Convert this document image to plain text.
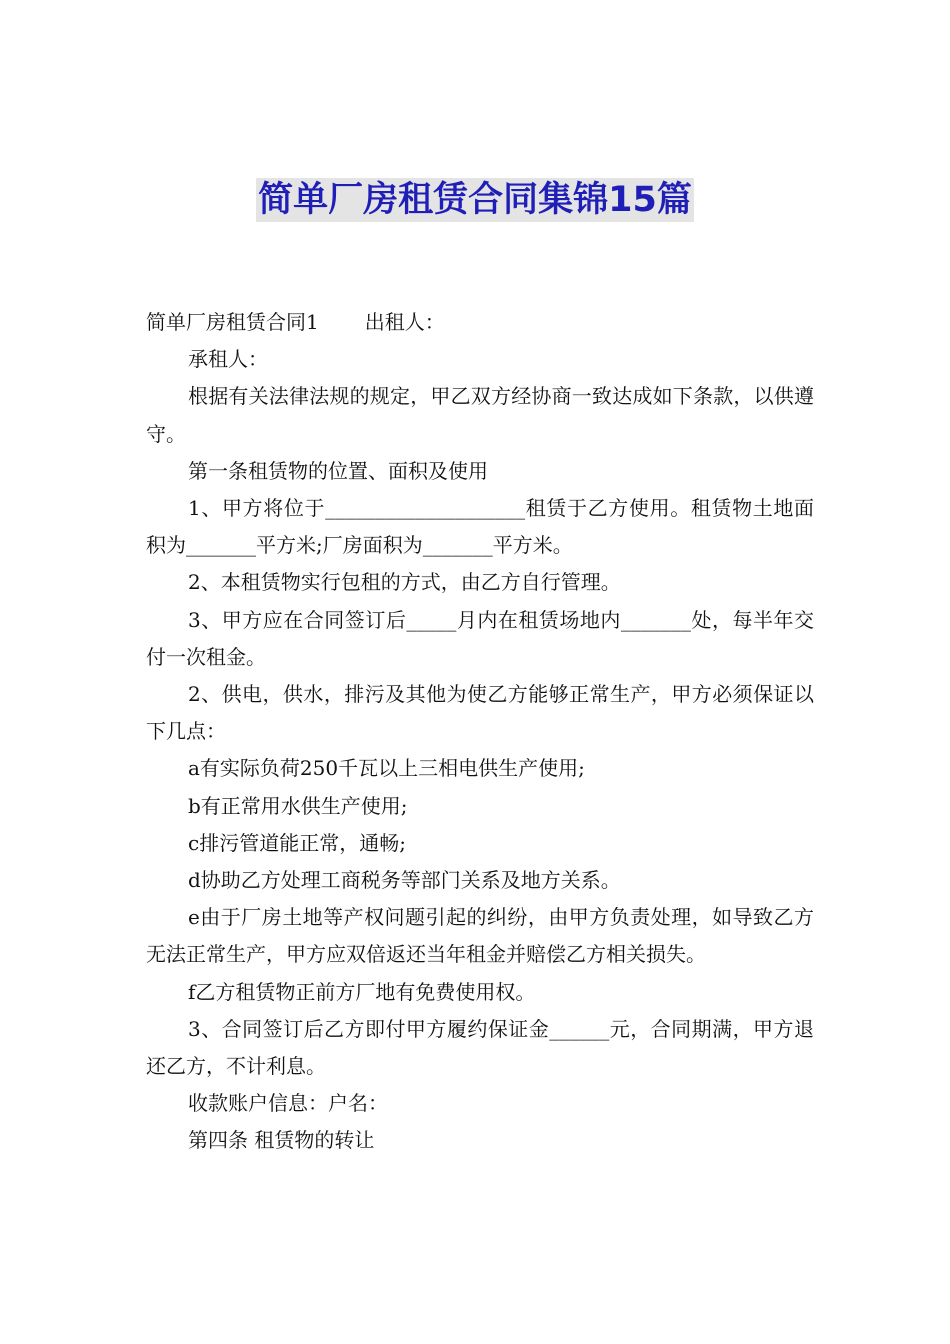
简单厂房租赁合同集锦15篇

简单厂房租赁合同1 出租人：

承租人：

根据有关法律法规的规定，甲乙双方经协商一致达成如下条款，以供遵守。

第一条租赁物的位置、面积及使用

1、甲方将位于____________________租赁于乙方使用。租赁物土地面积为_______平方米;厂房面积为_______平方米。

2、本租赁物实行包租的方式，由乙方自行管理。

3、甲方应在合同签订后_____月内在租赁场地内_______处，每半年交付一次租金。

2、供电，供水，排污及其他为使乙方能够正常生产，甲方必须保证以下几点：

a有实际负荷250千瓦以上三相电供生产使用;

b有正常用水供生产使用;

c排污管道能正常，通畅;

d协助乙方处理工商税务等部门关系及地方关系。

e由于厂房土地等产权问题引起的纠纷，由甲方负责处理，如导致乙方无法正常生产，甲方应双倍返还当年租金并赔偿乙方相关损失。

f乙方租赁物正前方厂地有免费使用权。

3、合同签订后乙方即付甲方履约保证金______元，合同期满，甲方退还乙方，不计利息。

收款账户信息：户名：

第四条 租赁物的转让
